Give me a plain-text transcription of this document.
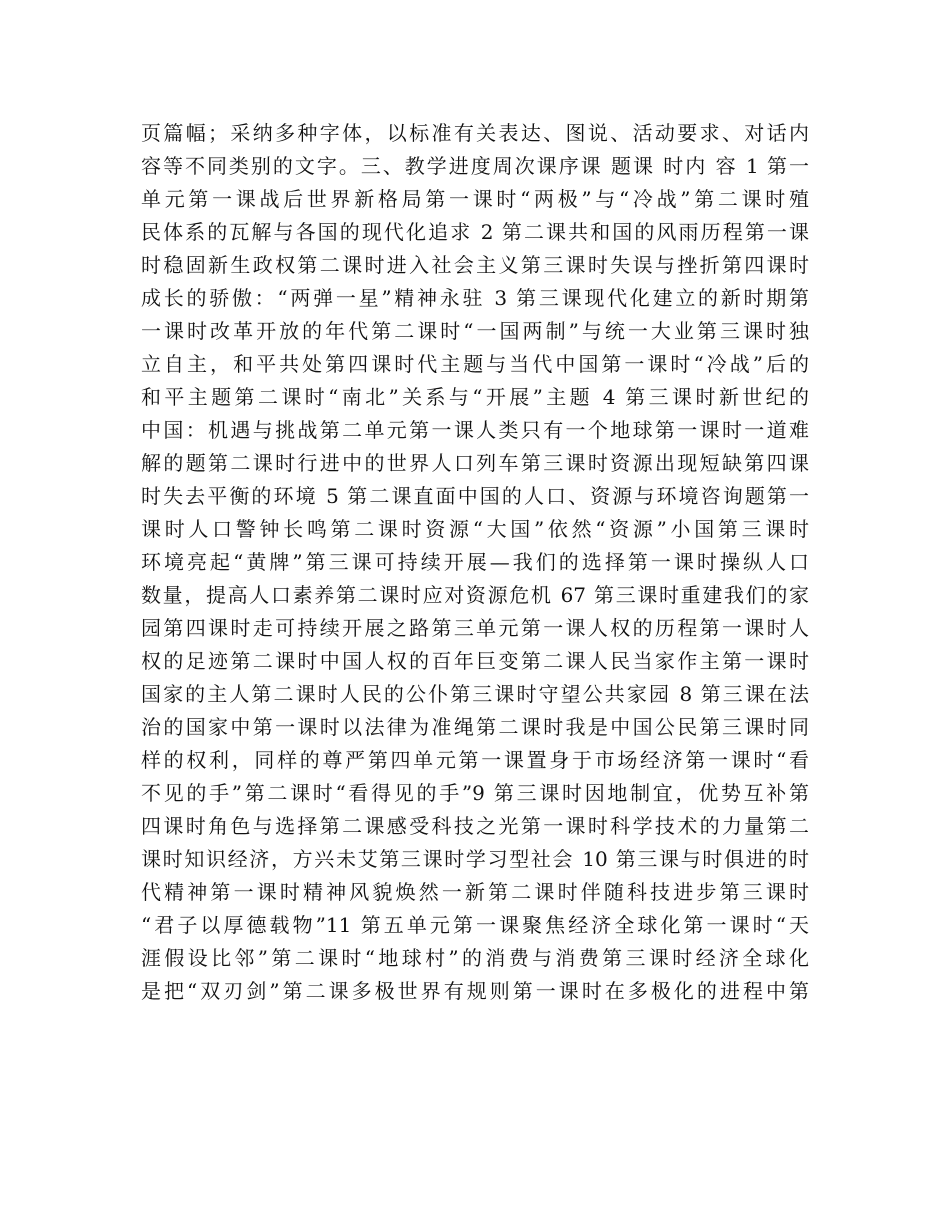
页篇幅；采纳多种字体，以标准有关表达、图说、活动要求、对话内
容等不同类别的文字。三、教学进度周次课序课 题课 时内 容 1 第一
单元第一课战后世界新格局第一课时“两极”与“冷战”第二课时殖
民体系的瓦解与各国的现代化追求 2 第二课共和国的风雨历程第一课
时稳固新生政权第二课时进入社会主义第三课时失误与挫折第四课时
成长的骄傲：“两弹一星”精神永驻 3 第三课现代化建立的新时期第
一课时改革开放的年代第二课时“一国两制”与统一大业第三课时独
立自主，和平共处第四课时代主题与当代中国第一课时“冷战”后的
和平主题第二课时“南北”关系与“开展”主题 4 第三课时新世纪的
中国：机遇与挑战第二单元第一课人类只有一个地球第一课时一道难
解的题第二课时行进中的世界人口列车第三课时资源出现短缺第四课
时失去平衡的环境 5 第二课直面中国的人口、资源与环境咨询题第一
课时人口警钟长鸣第二课时资源“大国”依然“资源”小国第三课时
环境亮起“黄牌”第三课可持续开展—我们的选择第一课时操纵人口
数量，提高人口素养第二课时应对资源危机 67 第三课时重建我们的家
园第四课时走可持续开展之路第三单元第一课人权的历程第一课时人
权的足迹第二课时中国人权的百年巨变第二课人民当家作主第一课时
国家的主人第二课时人民的公仆第三课时守望公共家园 8 第三课在法
治的国家中第一课时以法律为准绳第二课时我是中国公民第三课时同
样的权利，同样的尊严第四单元第一课置身于市场经济第一课时“看
不见的手”第二课时“看得见的手”9 第三课时因地制宜，优势互补第
四课时角色与选择第二课感受科技之光第一课时科学技术的力量第二
课时知识经济，方兴未艾第三课时学习型社会 10 第三课与时俱进的时
代精神第一课时精神风貌焕然一新第二课时伴随科技进步第三课时
“君子以厚德载物”11 第五单元第一课聚焦经济全球化第一课时“天
涯假设比邻”第二课时“地球村”的消费与消费第三课时经济全球化
是把“双刃剑”第二课多极世界有规则第一课时在多极化的进程中第
